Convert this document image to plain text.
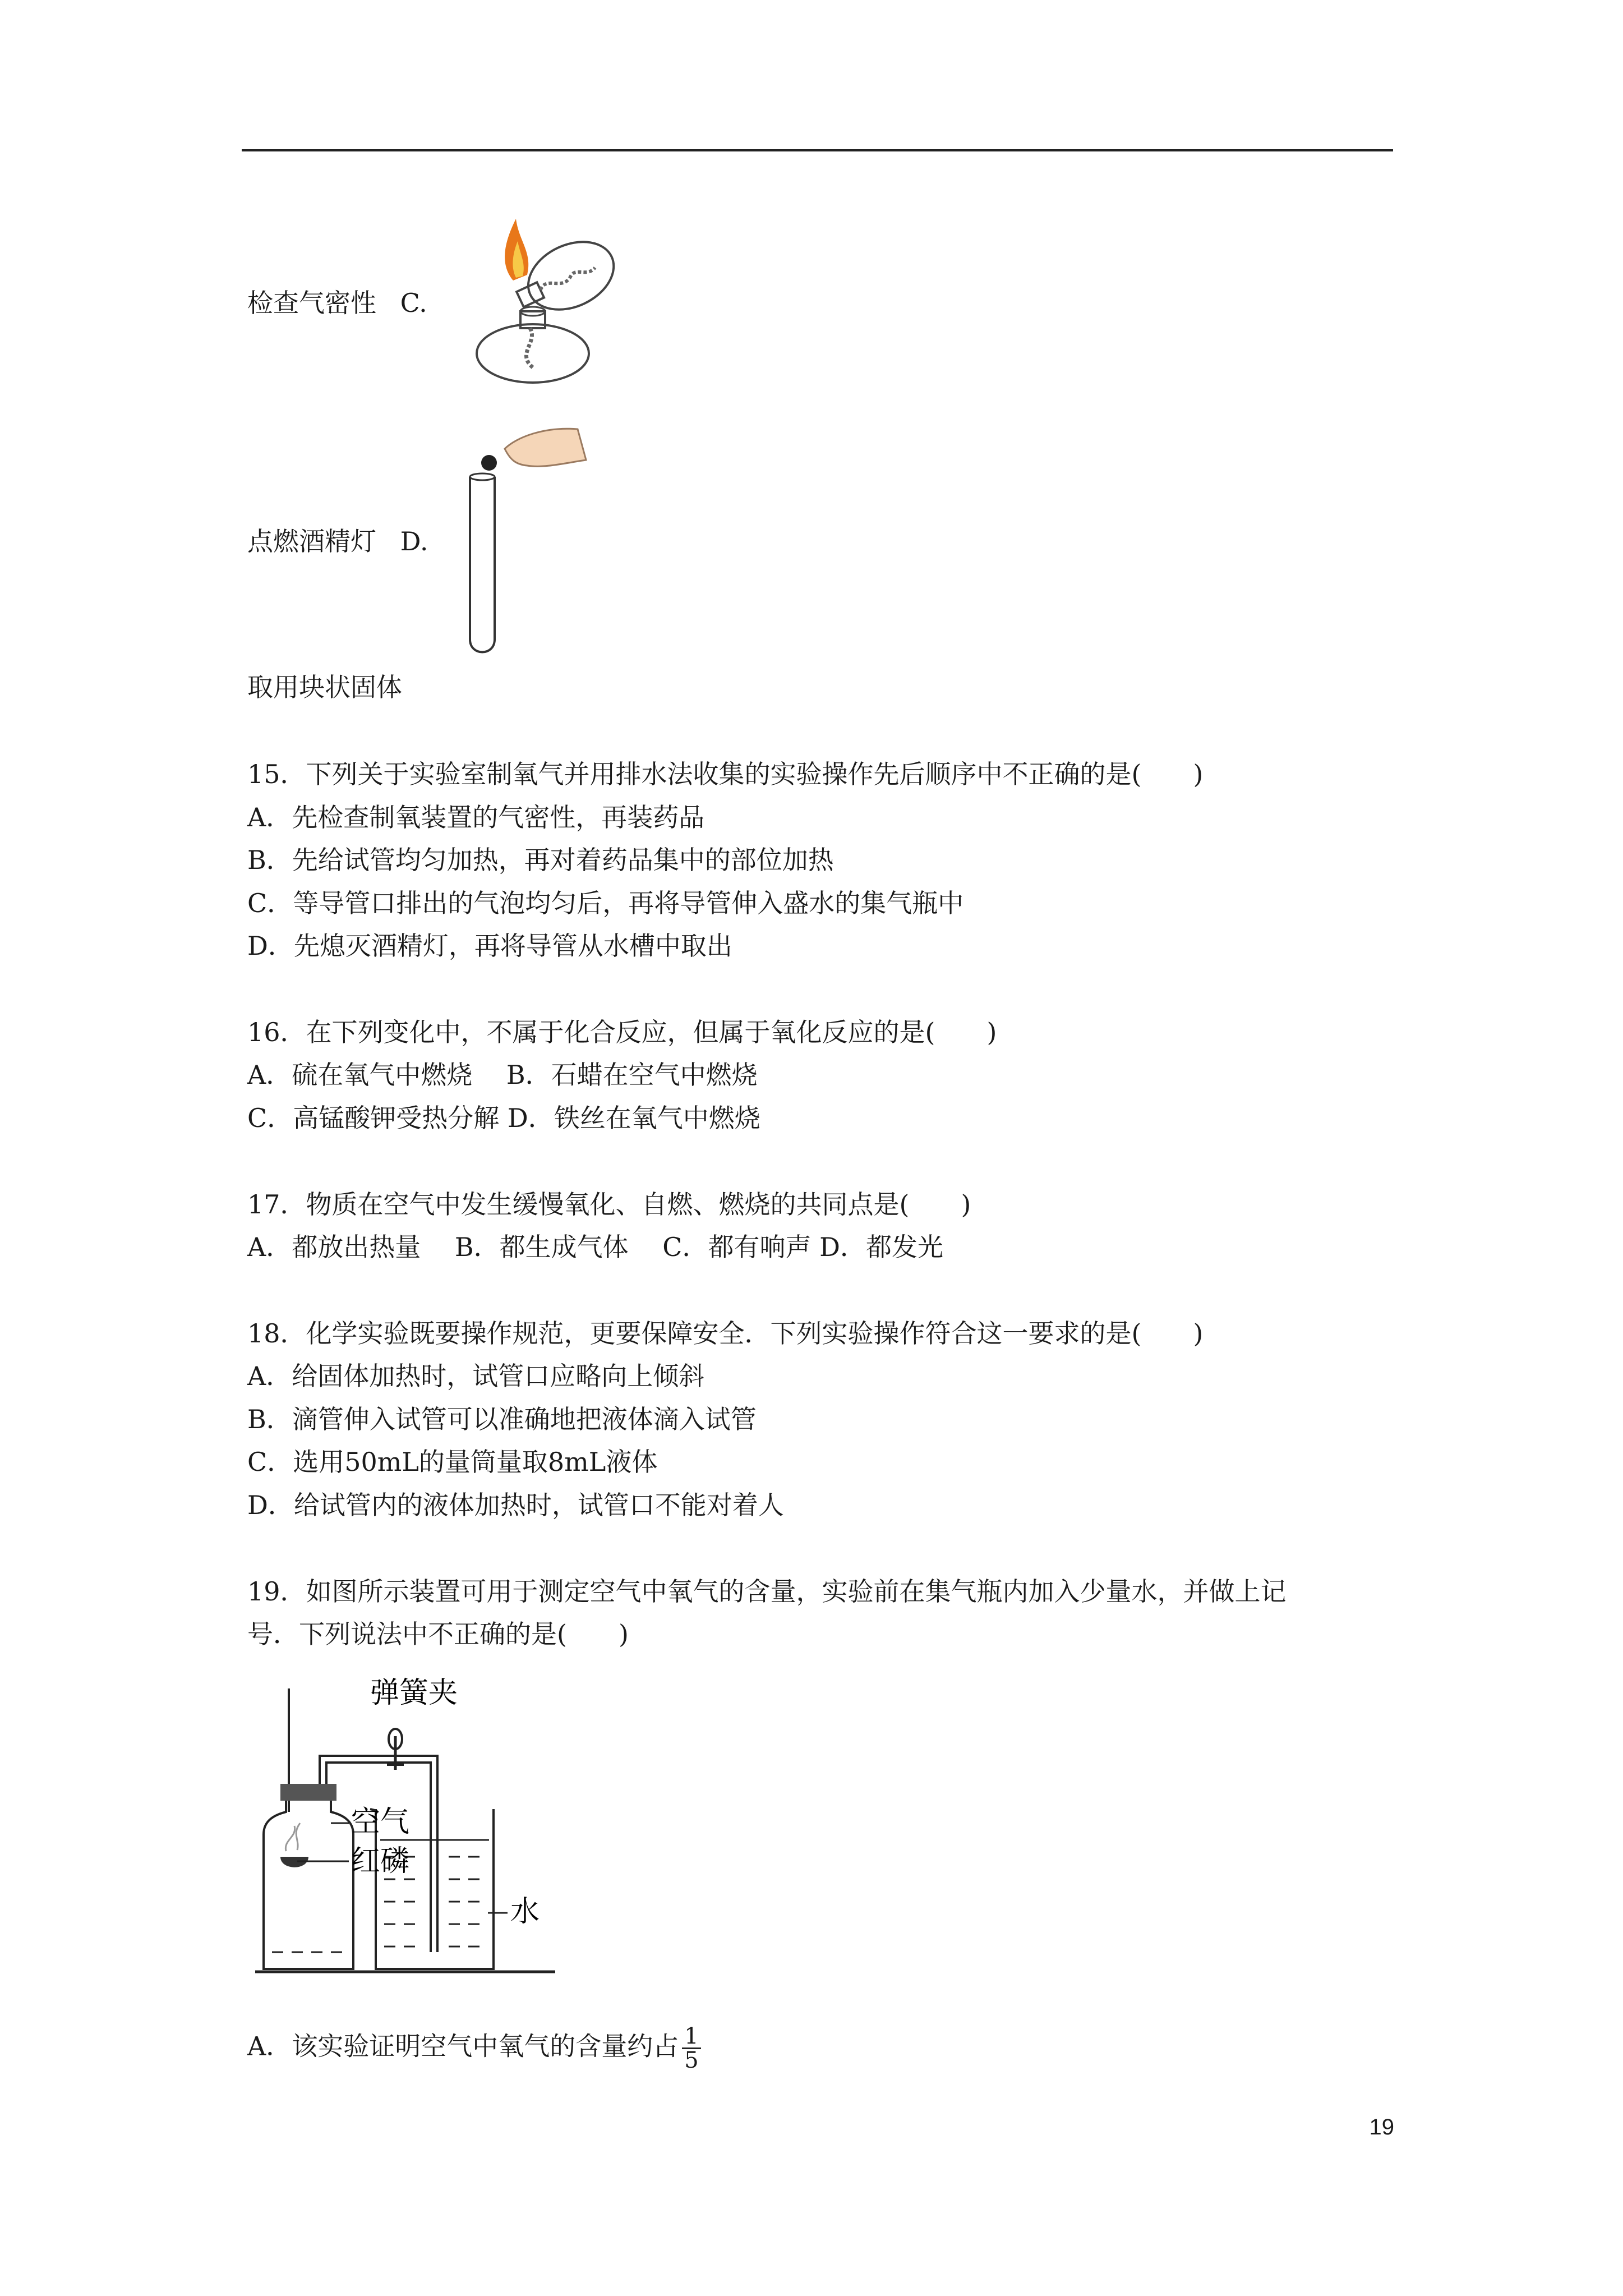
检查气密性 C.
点燃酒精灯 D.
取用块状固体
15．下列关于实验室制氧气并用排水法收集的实验操作先后顺序中不正确的是(　　)
A．先检查制氧装置的气密性，再装药品
B．先给试管均匀加热，再对着药品集中的部位加热
C．等导管口排出的气泡均匀后，再将导管伸入盛水的集气瓶中
D．先熄灭酒精灯，再将导管从水槽中取出
16．在下列变化中，不属于化合反应，但属于氧化反应的是(　　)
A．硫在氧气中燃烧　 B．石蜡在空气中燃烧
C．高锰酸钾受热分解 D．铁丝在氧气中燃烧
17．物质在空气中发生缓慢氧化、自燃、燃烧的共同点是(　　)
A．都放出热量　 B．都生成气体　 C．都有响声 D．都发光
18．化学实验既要操作规范，更要保障安全．下列实验操作符合这一要求的是(　　)
A．给固体加热时，试管口应略向上倾斜
B．滴管伸入试管可以准确地把液体滴入试管
C．选用50mL的量筒量取8mL液体
D．给试管内的液体加热时，试管口不能对着人
19．如图所示装置可用于测定空气中氧气的含量，实验前在集气瓶内加入少量水，并做上记
号．下列说法中不正确的是(　　)
弹簧夹
空气
红磷
水
A．该实验证明空气中氧气的含量约占 $\frac{1}{5}$
19
